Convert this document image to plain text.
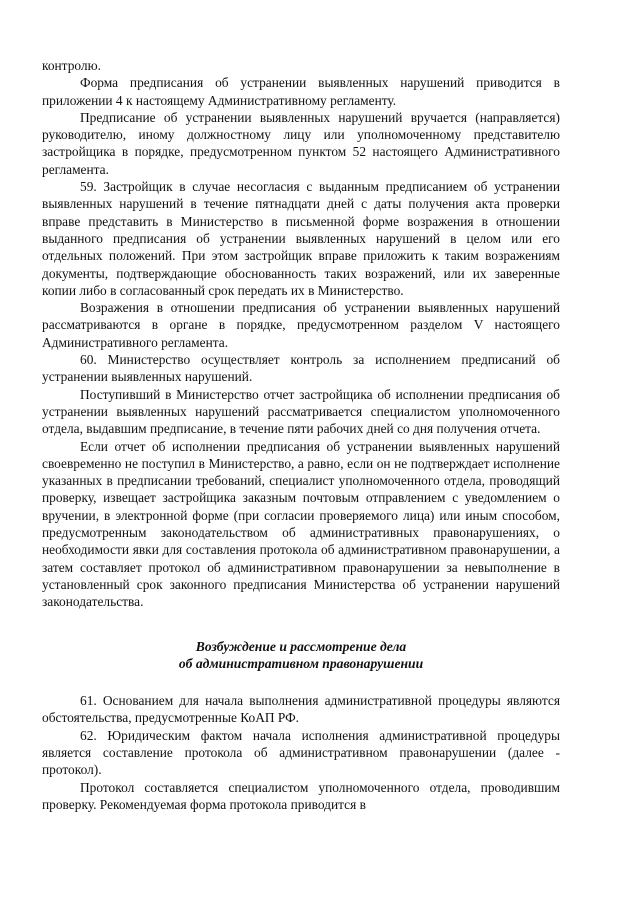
контролю.

Форма предписания об устранении выявленных нарушений приводится в приложении 4 к настоящему Административному регламенту.

Предписание об устранении выявленных нарушений вручается (направляется) руководителю, иному должностному лицу или уполномоченному представителю застройщика в порядке, предусмотренном пунктом 52 настоящего Административного регламента.

59. Застройщик в случае несогласия с выданным предписанием об устранении выявленных нарушений в течение пятнадцати дней с даты получения акта проверки вправе представить в Министерство в письменной форме возражения в отношении выданного предписания об устранении выявленных нарушений в целом или его отдельных положений. При этом застройщик вправе приложить к таким возражениям документы, подтверждающие обоснованность таких возражений, или их заверенные копии либо в согласованный срок передать их в Министерство.

Возражения в отношении предписания об устранении выявленных нарушений рассматриваются в органе в порядке, предусмотренном разделом V настоящего Административного регламента.

60. Министерство осуществляет контроль за исполнением предписаний об устранении выявленных нарушений.

Поступивший в Министерство отчет застройщика об исполнении предписания об устранении выявленных нарушений рассматривается специалистом уполномоченного отдела, выдавшим предписание, в течение пяти рабочих дней со дня получения отчета.

Если отчет об исполнении предписания об устранении выявленных нарушений своевременно не поступил в Министерство, а равно, если он не подтверждает исполнение указанных в предписании требований, специалист уполномоченного отдела, проводящий проверку, извещает застройщика заказным почтовым отправлением с уведомлением о вручении, в электронной форме (при согласии проверяемого лица) или иным способом, предусмотренным законодательством об административных правонарушениях, о необходимости явки для составления протокола об административном правонарушении, а затем составляет протокол об административном правонарушении за невыполнение в установленный срок законного предписания Министерства об устранении нарушений законодательства.

Возбуждение и рассмотрение дела
об административном правонарушении

61. Основанием для начала выполнения административной процедуры являются обстоятельства, предусмотренные КоАП РФ.

62. Юридическим фактом начала исполнения административной процедуры является составление протокола об административном правонарушении (далее - протокол).

Протокол составляется специалистом уполномоченного отдела, проводившим проверку. Рекомендуемая форма протокола приводится в
